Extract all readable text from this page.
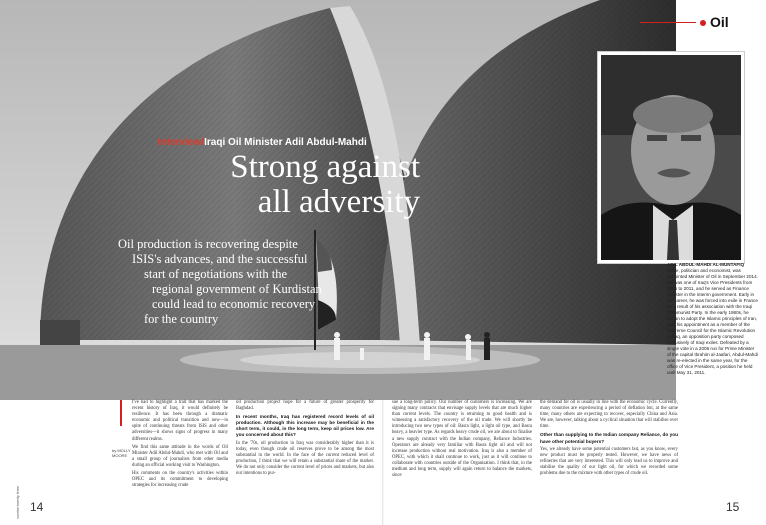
Oil
ADIL ABDUL-MAHDI AL-MUNTAFIQ
Shiite, politician and economist, was appointed Minister of Oil in September 2014. He was one of Iraq's Vice Presidents from 2005 to 2011, and he served as Finance Minister in the interim government. Early in his career, he was forced into exile in France as a result of his association with the Iraqi Communist Party. In the early 1980s, he began to adopt the Islamic principles of Iran, until his appointment as a member of the Supreme Council for the Islamic Revolution in Iraq, an opposition party composed exclusively of Iraqi exiles. Defeated by a single vote in a 2006 run for Prime Minister of the capital Ibrahim al-Jaafari, Abdul-Mahdi was re-elected in the same year, for the office of Vice President, a position he held until May 31, 2011.
Interview/Iraqi Oil Minister Adil Abdul-Mahdi
Strong against
all adversity
Oil production is recovering despite
ISIS's advances, and the successful
start of negotiations with the
regional government of Kurdistan
could lead to economic recovery
for the country
by MOLLY
MOORE

I've had to highlight a trait that has marked the recent history of Iraq, it would definitely be resilience. It has been through a dramatic economic and political transition and now—in spite of continuing threats from ISIS and other adversities—it shows signs of progress in many different realms.

We find this same attitude in the words of Oil Minister Adil Abdul-Mahdi, who met with Oil and a small group of journalists from other media during an official working visit to Washington.

His comments on the country's activities within OPEC and its commitment to developing strategies for increasing crude

oil production project hope for a future of greater prosperity for Baghdad.

In recent months, Iraq has registered record levels of oil production. Although this increase may be beneficial in the short term, it could, in the long term, keep oil prices low. Are you concerned about this?

In the '70s, oil production in Iraq was considerably higher than it is today, even though crude oil reserves prove to be among the most substantial in the world. In the face of the current reduced level of production, I think that we will retain a substantial share of the market. We do not only consider the current level of prices and markets, but also our intentions to pur-

sue a long-term policy. Our number of customers is increasing. We are signing many contracts that envisage supply levels that are much higher than current levels. The country is returning to good health and is witnessing a satisfactory recovery of the oil trade. We will shortly be introducing two new types of oil: Basra light, a light oil type, and Basra heavy, a heavier type. As regards heavy crude oil, we are about to finalise a new supply contract with the Indian company, Reliance Industries. Operators are already very familiar with Basra light oil and will not increase production without real motivation. Iraq is also a member of OPEC, with which it shall continue to work, just as it will continue to collaborate with countries outside of the Organisation. I think that, in the medium and long term, supply will again return to balance the markets, since

the demand for oil is usually in line with the economic cycle. Currently, many countries are experiencing a period of deflation but, at the same time, many others are expecting to recover, especially China and Asia. We are, however, talking about a cyclical situation that will stabilise over time.

Other than supplying to the Indian company Reliance, do you have other potential buyers?

Yes, we already have some potential customers but, as you know, every new product must be properly tested. However, we have news of refineries that are very interested. This will only lead us to improve and stabilise the quality of our light oil, for which we recorded some problems due to the mixture with other types of crude oil.

number twenty three 14	15
